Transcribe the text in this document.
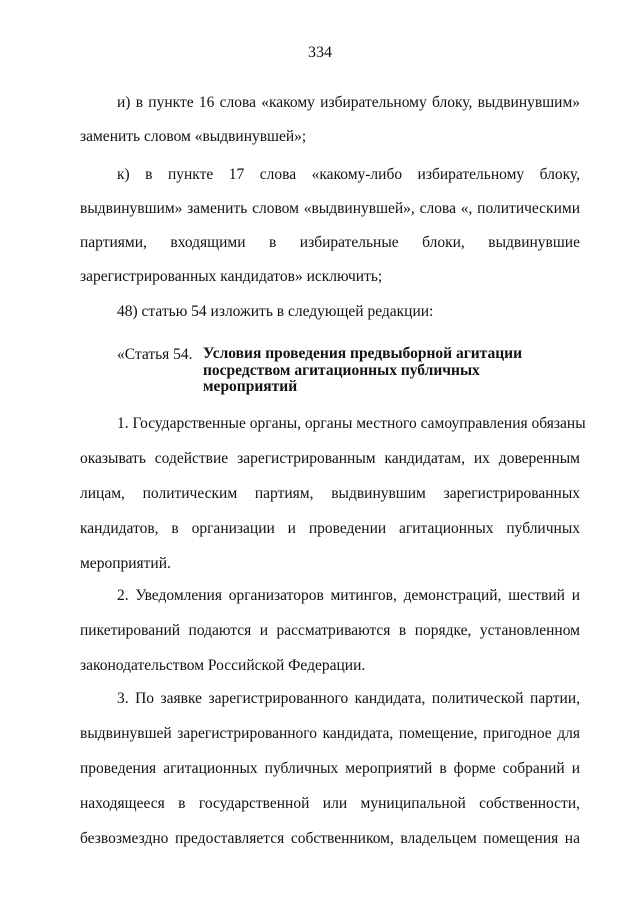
334
и) в пункте 16 слова «какому избирательному блоку, выдвинувшим»
заменить словом «выдвинувшей»;
к) в пункте 17 слова «какому-либо избирательному блоку,
выдвинувшим» заменить словом «выдвинувшей», слова «, политическими
партиями, входящими в избирательные блоки, выдвинувшие
зарегистрированных кандидатов» исключить;
48) статью 54 изложить в следующей редакции:
«Статья 54. Условия проведения предвыборной агитации
посредством агитационных публичных
мероприятий
1. Государственные органы, органы местного самоуправления обязаны
оказывать содействие зарегистрированным кандидатам, их доверенным
лицам, политическим партиям, выдвинувшим зарегистрированных
кандидатов, в организации и проведении агитационных публичных
мероприятий.
2. Уведомления организаторов митингов, демонстраций, шествий и
пикетирований подаются и рассматриваются в порядке, установленном
законодательством Российской Федерации.
3. По заявке зарегистрированного кандидата, политической партии,
выдвинувшей зарегистрированного кандидата, помещение, пригодное для
проведения агитационных публичных мероприятий в форме собраний и
находящееся в государственной или муниципальной собственности,
безвозмездно предоставляется собственником, владельцем помещения на
